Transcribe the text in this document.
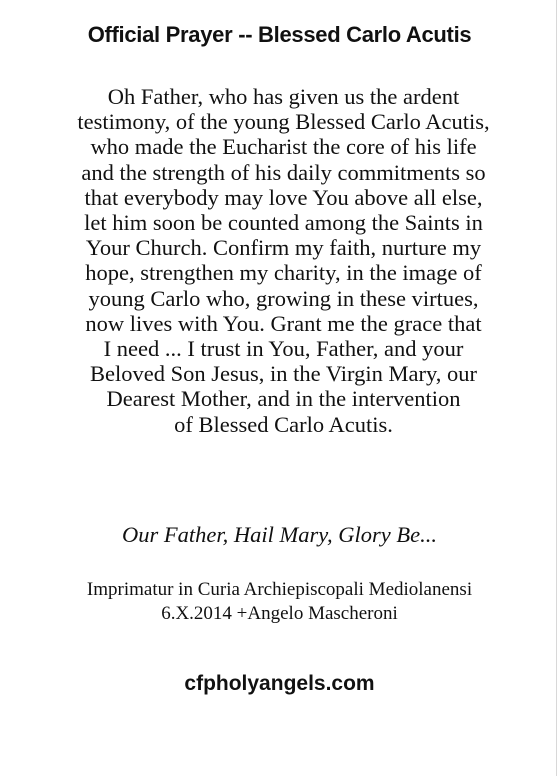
Official Prayer -- Blessed Carlo Acutis

Oh Father, who has given us the ardent
testimony, of the young Blessed Carlo Acutis,
who made the Eucharist the core of his life
and the strength of his daily commitments so
that everybody may love You above all else,
let him soon be counted among the Saints in
Your Church. Confirm my faith, nurture my
hope, strengthen my charity, in the image of
young Carlo who, growing in these virtues,
now lives with You. Grant me the grace that
I need ... I trust in You, Father, and your
Beloved Son Jesus, in the Virgin Mary, our
Dearest Mother, and in the intervention
of Blessed Carlo Acutis.

Our Father, Hail Mary, Glory Be...

Imprimatur in Curia Archiepiscopali Mediolanensi
6.X.2014 +Angelo Mascheroni

cfpholyangels.com
